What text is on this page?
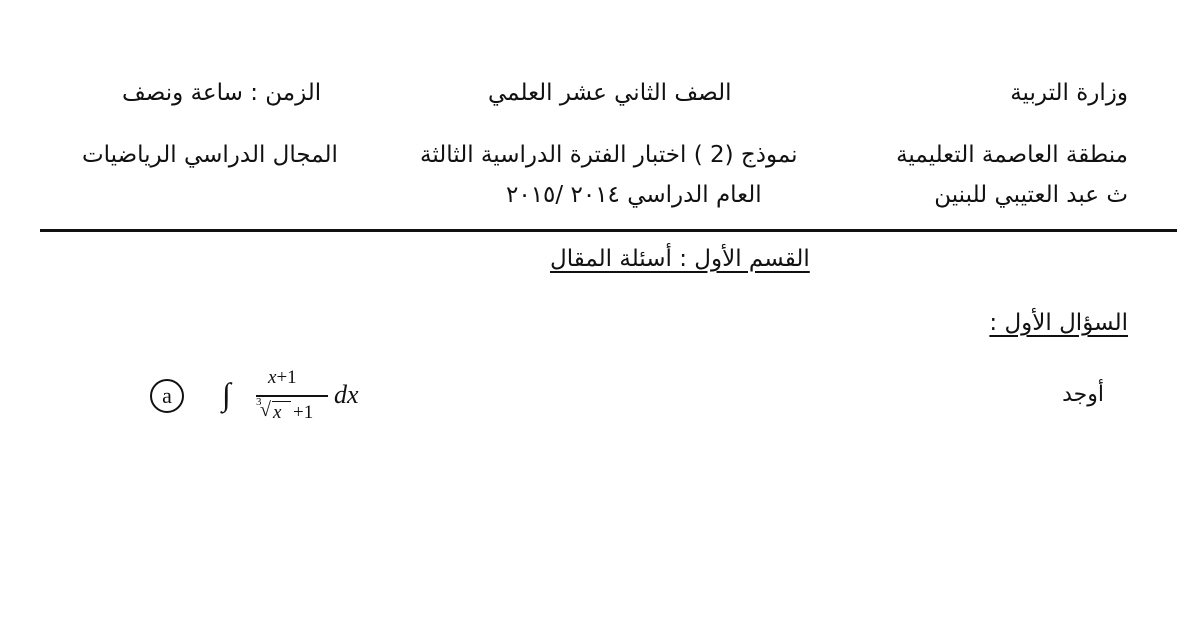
وزارة التربية
الصف الثاني عشر العلمي
الزمن : ساعة ونصف
منطقة العاصمة التعليمية
نموذج (2 ) اختبار الفترة الدراسية الثالثة
المجال الدراسي الرياضيات
ث عبد العتيبي للبنين
العام الدراسي ٢٠١٤ /٢٠١٥
القسم الأول : أسئلة المقال
السؤال الأول :
أوجد
a	∫ x+1
3
√ x +1
dx
